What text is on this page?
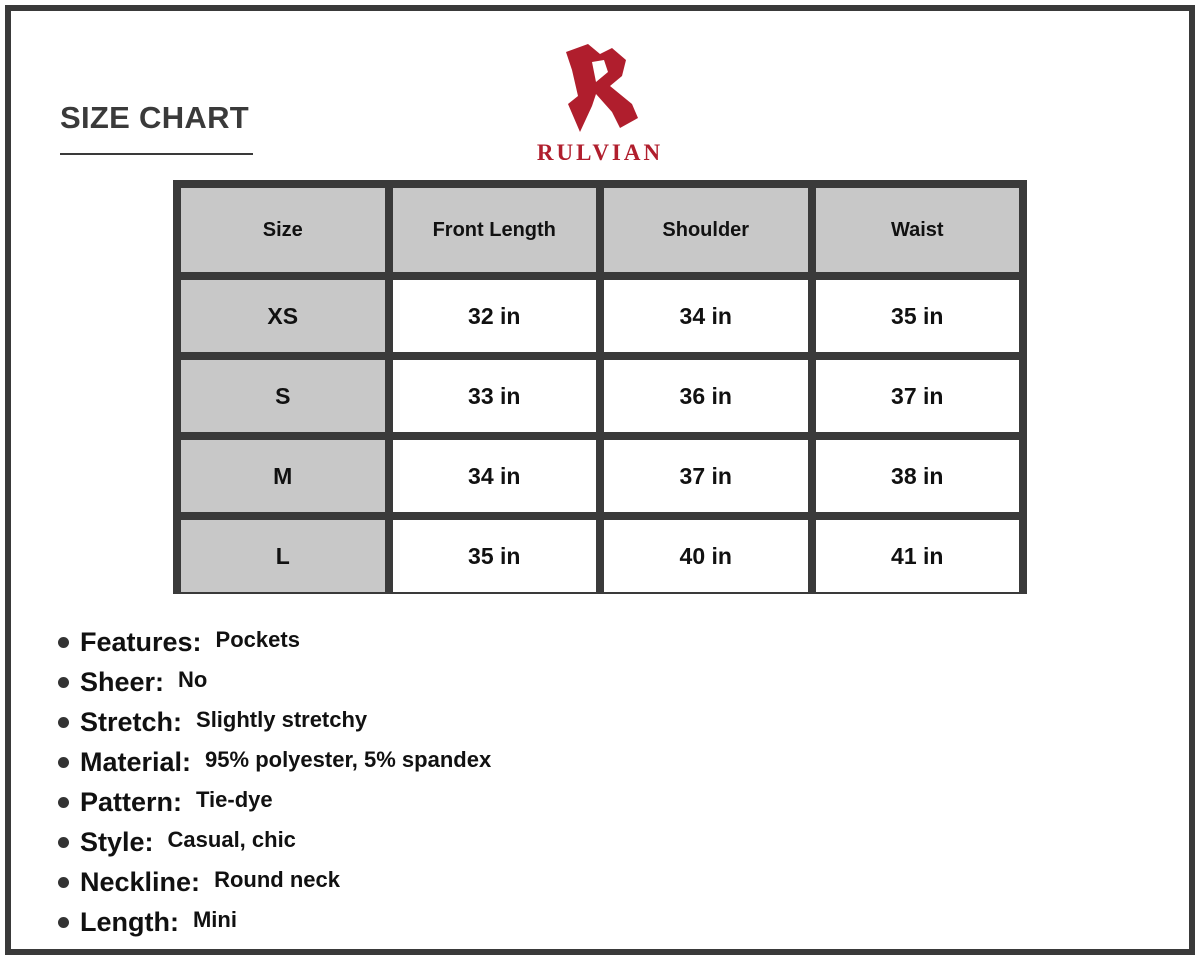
SIZE CHART
RULVIAN
Size	Front Length	Shoulder	Waist
XS	32 in	34 in	35 in
S	33 in	36 in	37 in
M	34 in	37 in	38 in
L	35 in	40 in	41 in
Features: Pockets
Sheer: No
Stretch: Slightly stretchy
Material: 95% polyester, 5% spandex
Pattern: Tie-dye
Style: Casual, chic
Neckline: Round neck
Length: Mini
